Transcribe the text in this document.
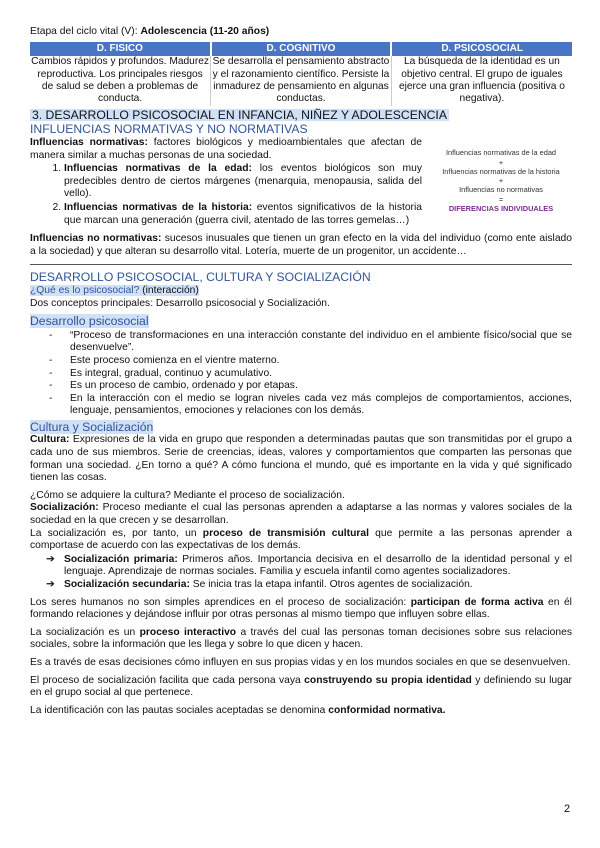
Etapa del ciclo vital (V): Adolescencia (11-20 años)

D. FISICO	D. COGNITIVO	D. PSICOSOCIAL
Cambios rápidos y profundos. Madurez reproductiva. Los principales riesgos de salud se deben a problemas de conducta.	Se desarrolla el pensamiento abstracto y el razonamiento científico. Persiste la inmadurez de pensamiento en algunas conductas.	La búsqueda de la identidad es un objetivo central. El grupo de iguales ejerce una gran influencia (positiva o negativa).
3. DESARROLLO PSICOSOCIAL EN INFANCIA, NIÑEZ Y ADOLESCENCIA
INFLUENCIAS NORMATIVAS Y NO NORMATIVAS

Influencias normativas: factores biológicos y medioambientales que afectan de manera similar a muchas personas de una sociedad.

1. Influencias normativas de la edad: los eventos biológicos son muy predecibles dentro de ciertos márgenes (menarquia, menopausia, salida del vello).
2. Influencias normativas de la historia: eventos significativos de la historia que marcan una generación (guerra civil, atentado de las torres gemelas…)
Influencias normativas de la edad
+
Influencias normativas de la historia
+
Influencias no normativas
=
DIFERENCIAS INDIVIDUALES

Influencias no normativas: sucesos inusuales que tienen un gran efecto en la vida del individuo (como ente aislado a la sociedad) y que alteran su desarrollo vital. Lotería, muerte de un progenitor, un accidente…

DESARROLLO PSICOSOCIAL, CULTURA Y SOCIALIZACIÓN

¿Qué es lo psicosocial? (interacción)

Dos conceptos principales: Desarrollo psicosocial y Socialización.

Desarrollo psicosocial
- “Proceso de transformaciones en una interacción constante del individuo en el ambiente físico/social que se desenvuelve”.
- Este proceso comienza en el vientre materno.
- Es integral, gradual, continuo y acumulativo.
- Es un proceso de cambio, ordenado y por etapas.
- En la interacción con el medio se logran niveles cada vez más complejos de comportamientos, acciones, lenguaje, pensamientos, emociones y relaciones con los demás.
Cultura y Socialización

Cultura: Expresiones de la vida en grupo que responden a determinadas pautas que son transmitidas por el grupo a cada uno de sus miembros. Serie de creencias, ideas, valores y comportamientos que comparten las personas que forman una sociedad. ¿En torno a qué? A cómo funciona el mundo, qué es importante en la vida y qué significado tienen las cosas.

¿Cómo se adquiere la cultura? Mediante el proceso de socialización.

Socialización: Proceso mediante el cual las personas aprenden a adaptarse a las normas y valores sociales de la sociedad en la que crecen y se desarrollan.

La socialización es, por tanto, un proceso de transmisión cultural que permite a las personas aprender a comportase de acuerdo con las expectativas de los demás.

➔ Socialización primaria: Primeros años. Importancia decisiva en el desarrollo de la identidad personal y el lenguaje. Aprendizaje de normas sociales. Familia y escuela infantil como agentes socializadores.
➔ Socialización secundaria: Se inicia tras la etapa infantil. Otros agentes de socialización.

Los seres humanos no son simples aprendices en el proceso de socialización: participan de forma activa en él formando relaciones y dejándose influir por otras personas al mismo tiempo que influyen sobre ellas.

La socialización es un proceso interactivo a través del cual las personas toman decisiones sobre sus relaciones sociales, sobre la información que les llega y sobre lo que dicen y hacen.

Es a través de esas decisiones cómo influyen en sus propias vidas y en los mundos sociales en que se desenvuelven.

El proceso de socialización facilita que cada persona vaya construyendo su propia identidad y definiendo su lugar en el grupo social al que pertenece.

La identificación con las pautas sociales aceptadas se denomina conformidad normativa.

2
